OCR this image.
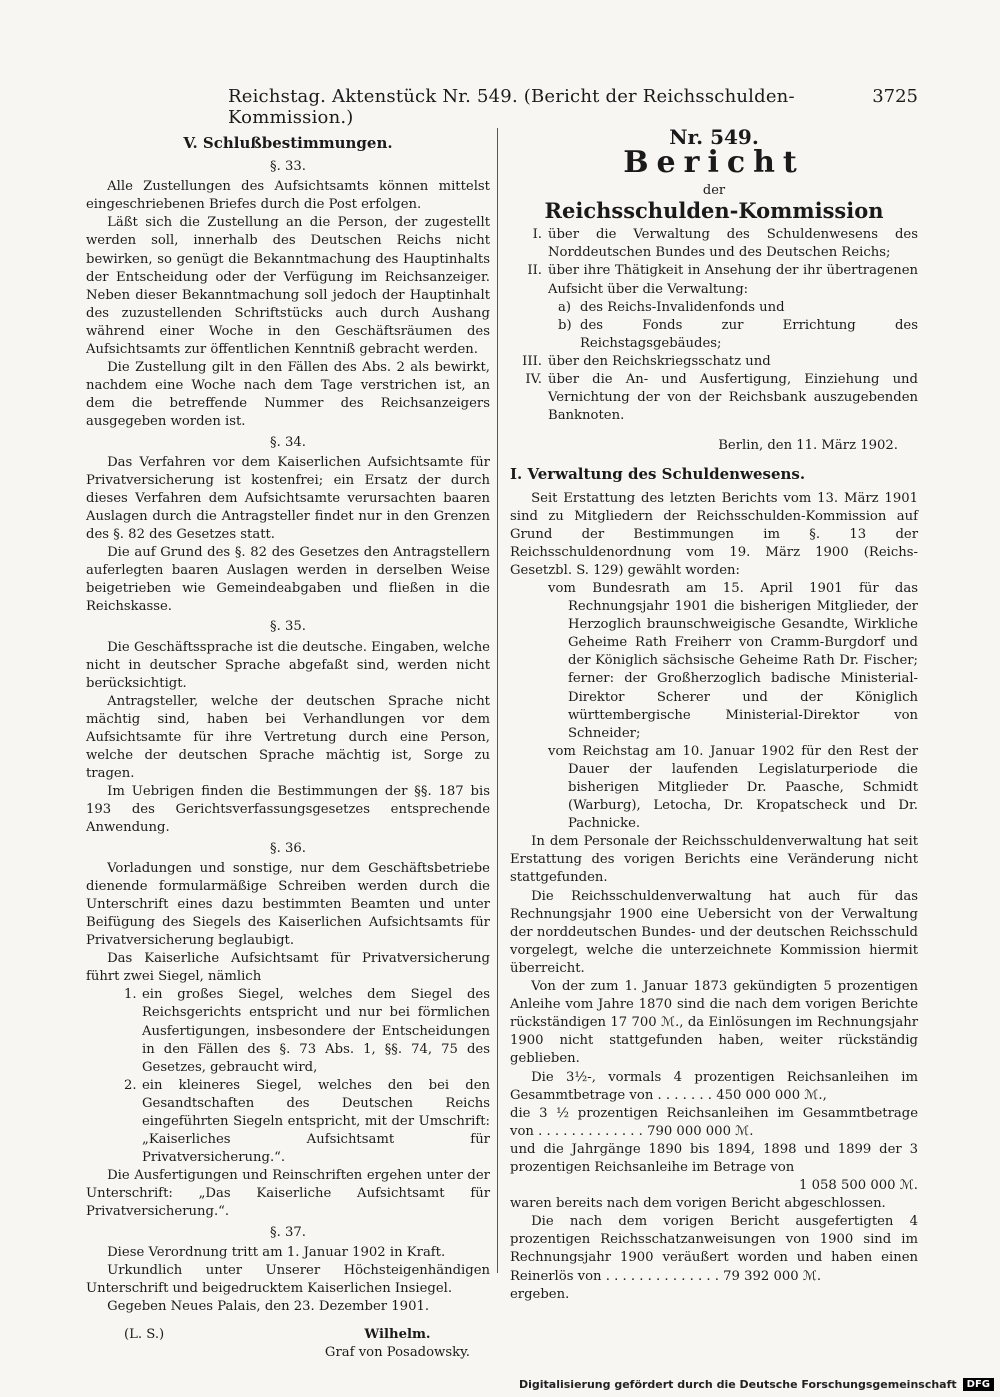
Reichstag. Aktenstück Nr. 549. (Bericht der Reichsschulden-Kommission.)
3725

V. Schlußbestimmungen.

§. 33.

Alle Zustellungen des Aufsichtsamts können mittelst eingeschriebenen Briefes durch die Post erfolgen.

Läßt sich die Zustellung an die Person, der zugestellt werden soll, innerhalb des Deutschen Reichs nicht bewirken, so genügt die Bekanntmachung des Hauptinhalts der Entscheidung oder der Verfügung im Reichsanzeiger. Neben dieser Bekanntmachung soll jedoch der Hauptinhalt des zuzustellenden Schriftstücks auch durch Aushang während einer Woche in den Geschäftsräumen des Aufsichtsamts zur öffentlichen Kenntniß gebracht werden.

Die Zustellung gilt in den Fällen des Abs. 2 als bewirkt, nachdem eine Woche nach dem Tage verstrichen ist, an dem die betreffende Nummer des Reichsanzeigers ausgegeben worden ist.

§. 34.

Das Verfahren vor dem Kaiserlichen Aufsichtsamte für Privatversicherung ist kostenfrei; ein Ersatz der durch dieses Verfahren dem Aufsichtsamte verursachten baaren Auslagen durch die Antragsteller findet nur in den Grenzen des §. 82 des Gesetzes statt.

Die auf Grund des §. 82 des Gesetzes den Antragstellern auferlegten baaren Auslagen werden in derselben Weise beigetrieben wie Gemeindeabgaben und fließen in die Reichskasse.

§. 35.

Die Geschäftssprache ist die deutsche. Eingaben, welche nicht in deutscher Sprache abgefaßt sind, werden nicht berücksichtigt.

Antragsteller, welche der deutschen Sprache nicht mächtig sind, haben bei Verhandlungen vor dem Aufsichtsamte für ihre Vertretung durch eine Person, welche der deutschen Sprache mächtig ist, Sorge zu tragen.

Im Uebrigen finden die Bestimmungen der §§. 187 bis 193 des Gerichtsverfassungsgesetzes entsprechende Anwendung.

§. 36.

Vorladungen und sonstige, nur dem Geschäftsbetriebe dienende formularmäßige Schreiben werden durch die Unterschrift eines dazu bestimmten Beamten und unter Beifügung des Siegels des Kaiserlichen Aufsichtsamts für Privatversicherung beglaubigt.

Das Kaiserliche Aufsichtsamt für Privatversicherung führt zwei Siegel, nämlich

1. ein großes Siegel, welches dem Siegel des Reichsgerichts entspricht und nur bei förmlichen Ausfertigungen, insbesondere der Entscheidungen in den Fällen des §. 73 Abs. 1, §§. 74, 75 des Gesetzes, gebraucht wird,
2. ein kleineres Siegel, welches den bei den Gesandtschaften des Deutschen Reichs eingeführten Siegeln entspricht, mit der Umschrift: „Kaiserliches Aufsichtsamt für Privatversicherung.“.

Die Ausfertigungen und Reinschriften ergehen unter der Unterschrift: „Das Kaiserliche Aufsichtsamt für Privatversicherung.“.

§. 37.

Diese Verordnung tritt am 1. Januar 1902 in Kraft.

Urkundlich unter Unserer Höchsteigenhändigen Unterschrift und beigedrucktem Kaiserlichen Insiegel.

Gegeben Neues Palais, den 23. Dezember 1901.

(L. S.)	Wilhelm.
Graf von Posadowsky.

Nr. 549.

Bericht

der

Reichsschulden-Kommission

I. über die Verwaltung des Schuldenwesens des Norddeutschen Bundes und des Deutschen Reichs;
II. über ihre Thätigkeit in Ansehung der ihr übertragenen Aufsicht über die Verwaltung:
a) des Reichs-Invalidenfonds und
b) des Fonds zur Errichtung des Reichstagsgebäudes;
III. über den Reichskriegsschatz und
IV. über die An- und Ausfertigung, Einziehung und Vernichtung der von der Reichsbank auszugebenden Banknoten.

Berlin, den 11. März 1902.

I. Verwaltung des Schuldenwesens.

Seit Erstattung des letzten Berichts vom 13. März 1901 sind zu Mitgliedern der Reichsschulden-Kommission auf Grund der Bestimmungen im §. 13 der Reichsschuldenordnung vom 19. März 1900 (Reichs-Gesetzbl. S. 129) gewählt worden:

vom Bundesrath am 15. April 1901 für das Rechnungsjahr 1901 die bisherigen Mitglieder, der Herzoglich braunschweigische Gesandte, Wirkliche Geheime Rath Freiherr von Cramm-Burgdorf und der Königlich sächsische Geheime Rath Dr. Fischer; ferner: der Großherzoglich badische Ministerial-Direktor Scherer und der Königlich württembergische Ministerial-Direktor von Schneider;

vom Reichstag am 10. Januar 1902 für den Rest der Dauer der laufenden Legislaturperiode die bisherigen Mitglieder Dr. Paasche, Schmidt (Warburg), Letocha, Dr. Kropatscheck und Dr. Pachnicke.

In dem Personale der Reichsschuldenverwaltung hat seit Erstattung des vorigen Berichts eine Veränderung nicht stattgefunden.

Die Reichsschuldenverwaltung hat auch für das Rechnungsjahr 1900 eine Uebersicht von der Verwaltung der norddeutschen Bundes- und der deutschen Reichsschuld vorgelegt, welche die unterzeichnete Kommission hiermit überreicht.

Von der zum 1. Januar 1873 gekündigten 5 prozentigen Anleihe vom Jahre 1870 sind die nach dem vorigen Berichte rückständigen 17 700 ℳ., da Einlösungen im Rechnungsjahr 1900 nicht stattgefunden haben, weiter rückständig geblieben.

Die 3½-, vormals 4 prozentigen Reichsanleihen im Gesammtbetrage von . . . . . . . 450 000 000 ℳ.,

die 3 ½ prozentigen Reichsanleihen im Gesammtbetrage von . . . . . . . . . . . . . 790 000 000 ℳ.

und die Jahrgänge 1890 bis 1894, 1898 und 1899 der 3 prozentigen Reichsanleihe im Betrage von

1 058 500 000 ℳ.

waren bereits nach dem vorigen Bericht abgeschlossen.

Die nach dem vorigen Bericht ausgefertigten 4 prozentigen Reichsschatzanweisungen von 1900 sind im Rechnungsjahr 1900 veräußert worden und haben einen Reinerlös von . . . . . . . . . . . . . . 79 392 000 ℳ.

ergeben.

Digitalisierung gefördert durch die Deutsche Forschungsgemeinschaft	DFG
